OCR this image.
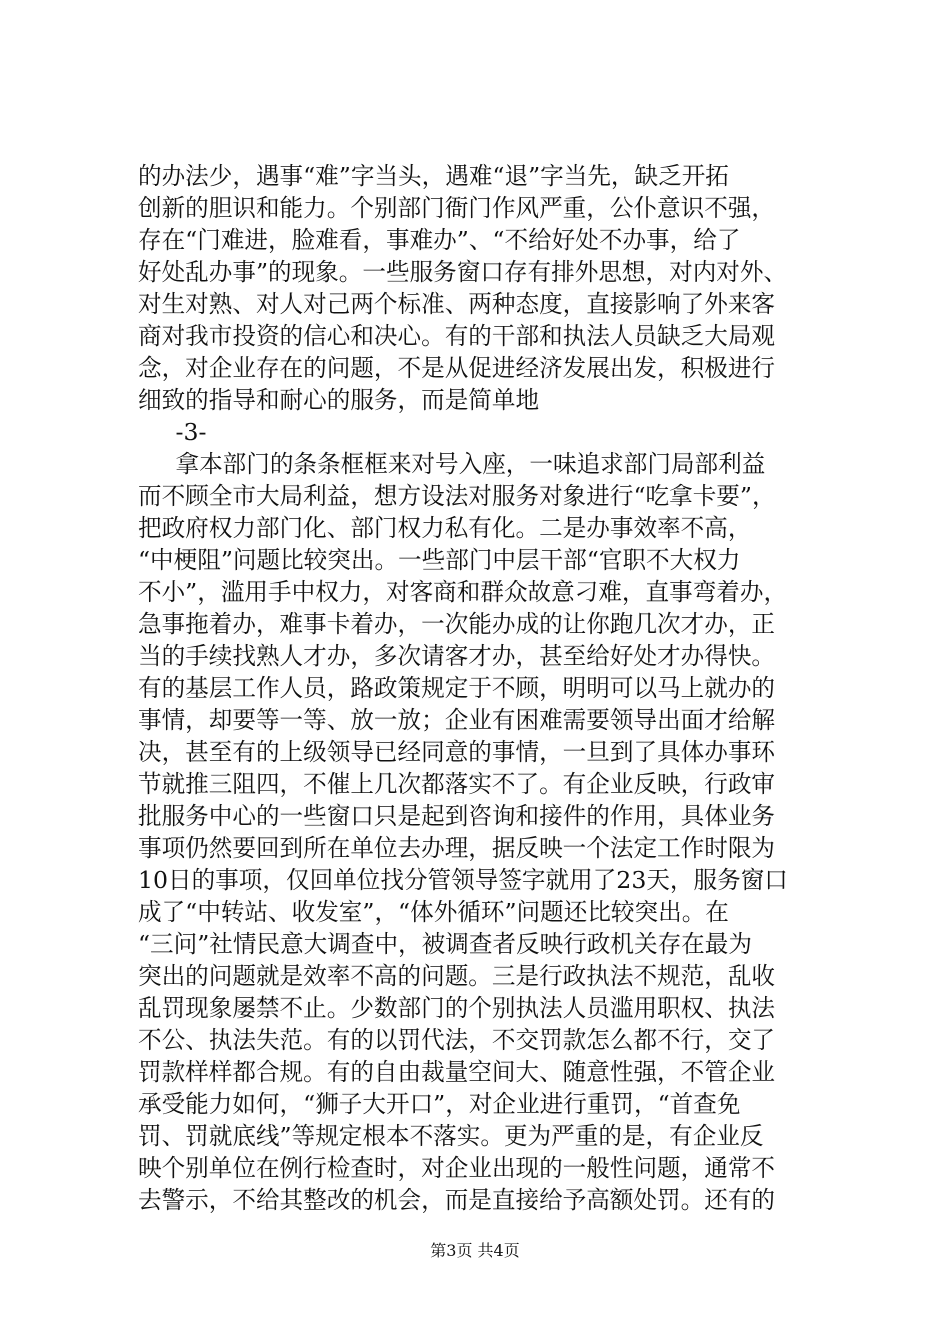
的办法少，遇事“难”字当头，遇难“退”字当先，缺乏开拓
创新的胆识和能力。个别部门衙门作风严重，公仆意识不强，
存在“门难进，脸难看，事难办”、“不给好处不办事，给了
好处乱办事”的现象。一些服务窗口存有排外思想，对内对外、
对生对熟、对人对己两个标准、两种态度，直接影响了外来客
商对我市投资的信心和决心。有的干部和执法人员缺乏大局观
念，对企业存在的问题，不是从促进经济发展出发，积极进行
细致的指导和耐心的服务，而是简单地
-3-
拿本部门的条条框框来对号入座，一味追求部门局部利益
而不顾全市大局利益，想方设法对服务对象进行“吃拿卡要”，
把政府权力部门化、部门权力私有化。二是办事效率不高，
“中梗阻”问题比较突出。一些部门中层干部“官职不大权力
不小”，滥用手中权力，对客商和群众故意刁难，直事弯着办，
急事拖着办，难事卡着办，一次能办成的让你跑几次才办，正
当的手续找熟人才办，多次请客才办，甚至给好处才办得快。
有的基层工作人员，路政策规定于不顾，明明可以马上就办的
事情，却要等一等、放一放；企业有困难需要领导出面才给解
决，甚至有的上级领导已经同意的事情，一旦到了具体办事环
节就推三阻四，不催上几次都落实不了。有企业反映，行政审
批服务中心的一些窗口只是起到咨询和接件的作用，具体业务
事项仍然要回到所在单位去办理，据反映一个法定工作时限为
10日的事项，仅回单位找分管领导签字就用了23天，服务窗口
成了“中转站、收发室”，“体外循环”问题还比较突出。在
“三问”社情民意大调查中，被调查者反映行政机关存在最为
突出的问题就是效率不高的问题。三是行政执法不规范，乱收
乱罚现象屡禁不止。少数部门的个别执法人员滥用职权、执法
不公、执法失范。有的以罚代法，不交罚款怎么都不行，交了
罚款样样都合规。有的自由裁量空间大、随意性强，不管企业
承受能力如何，“狮子大开口”，对企业进行重罚，“首查免
罚、罚就底线”等规定根本不落实。更为严重的是，有企业反
映个别单位在例行检查时，对企业出现的一般性问题，通常不
去警示，不给其整改的机会，而是直接给予高额处罚。还有的
第3页 共4页
